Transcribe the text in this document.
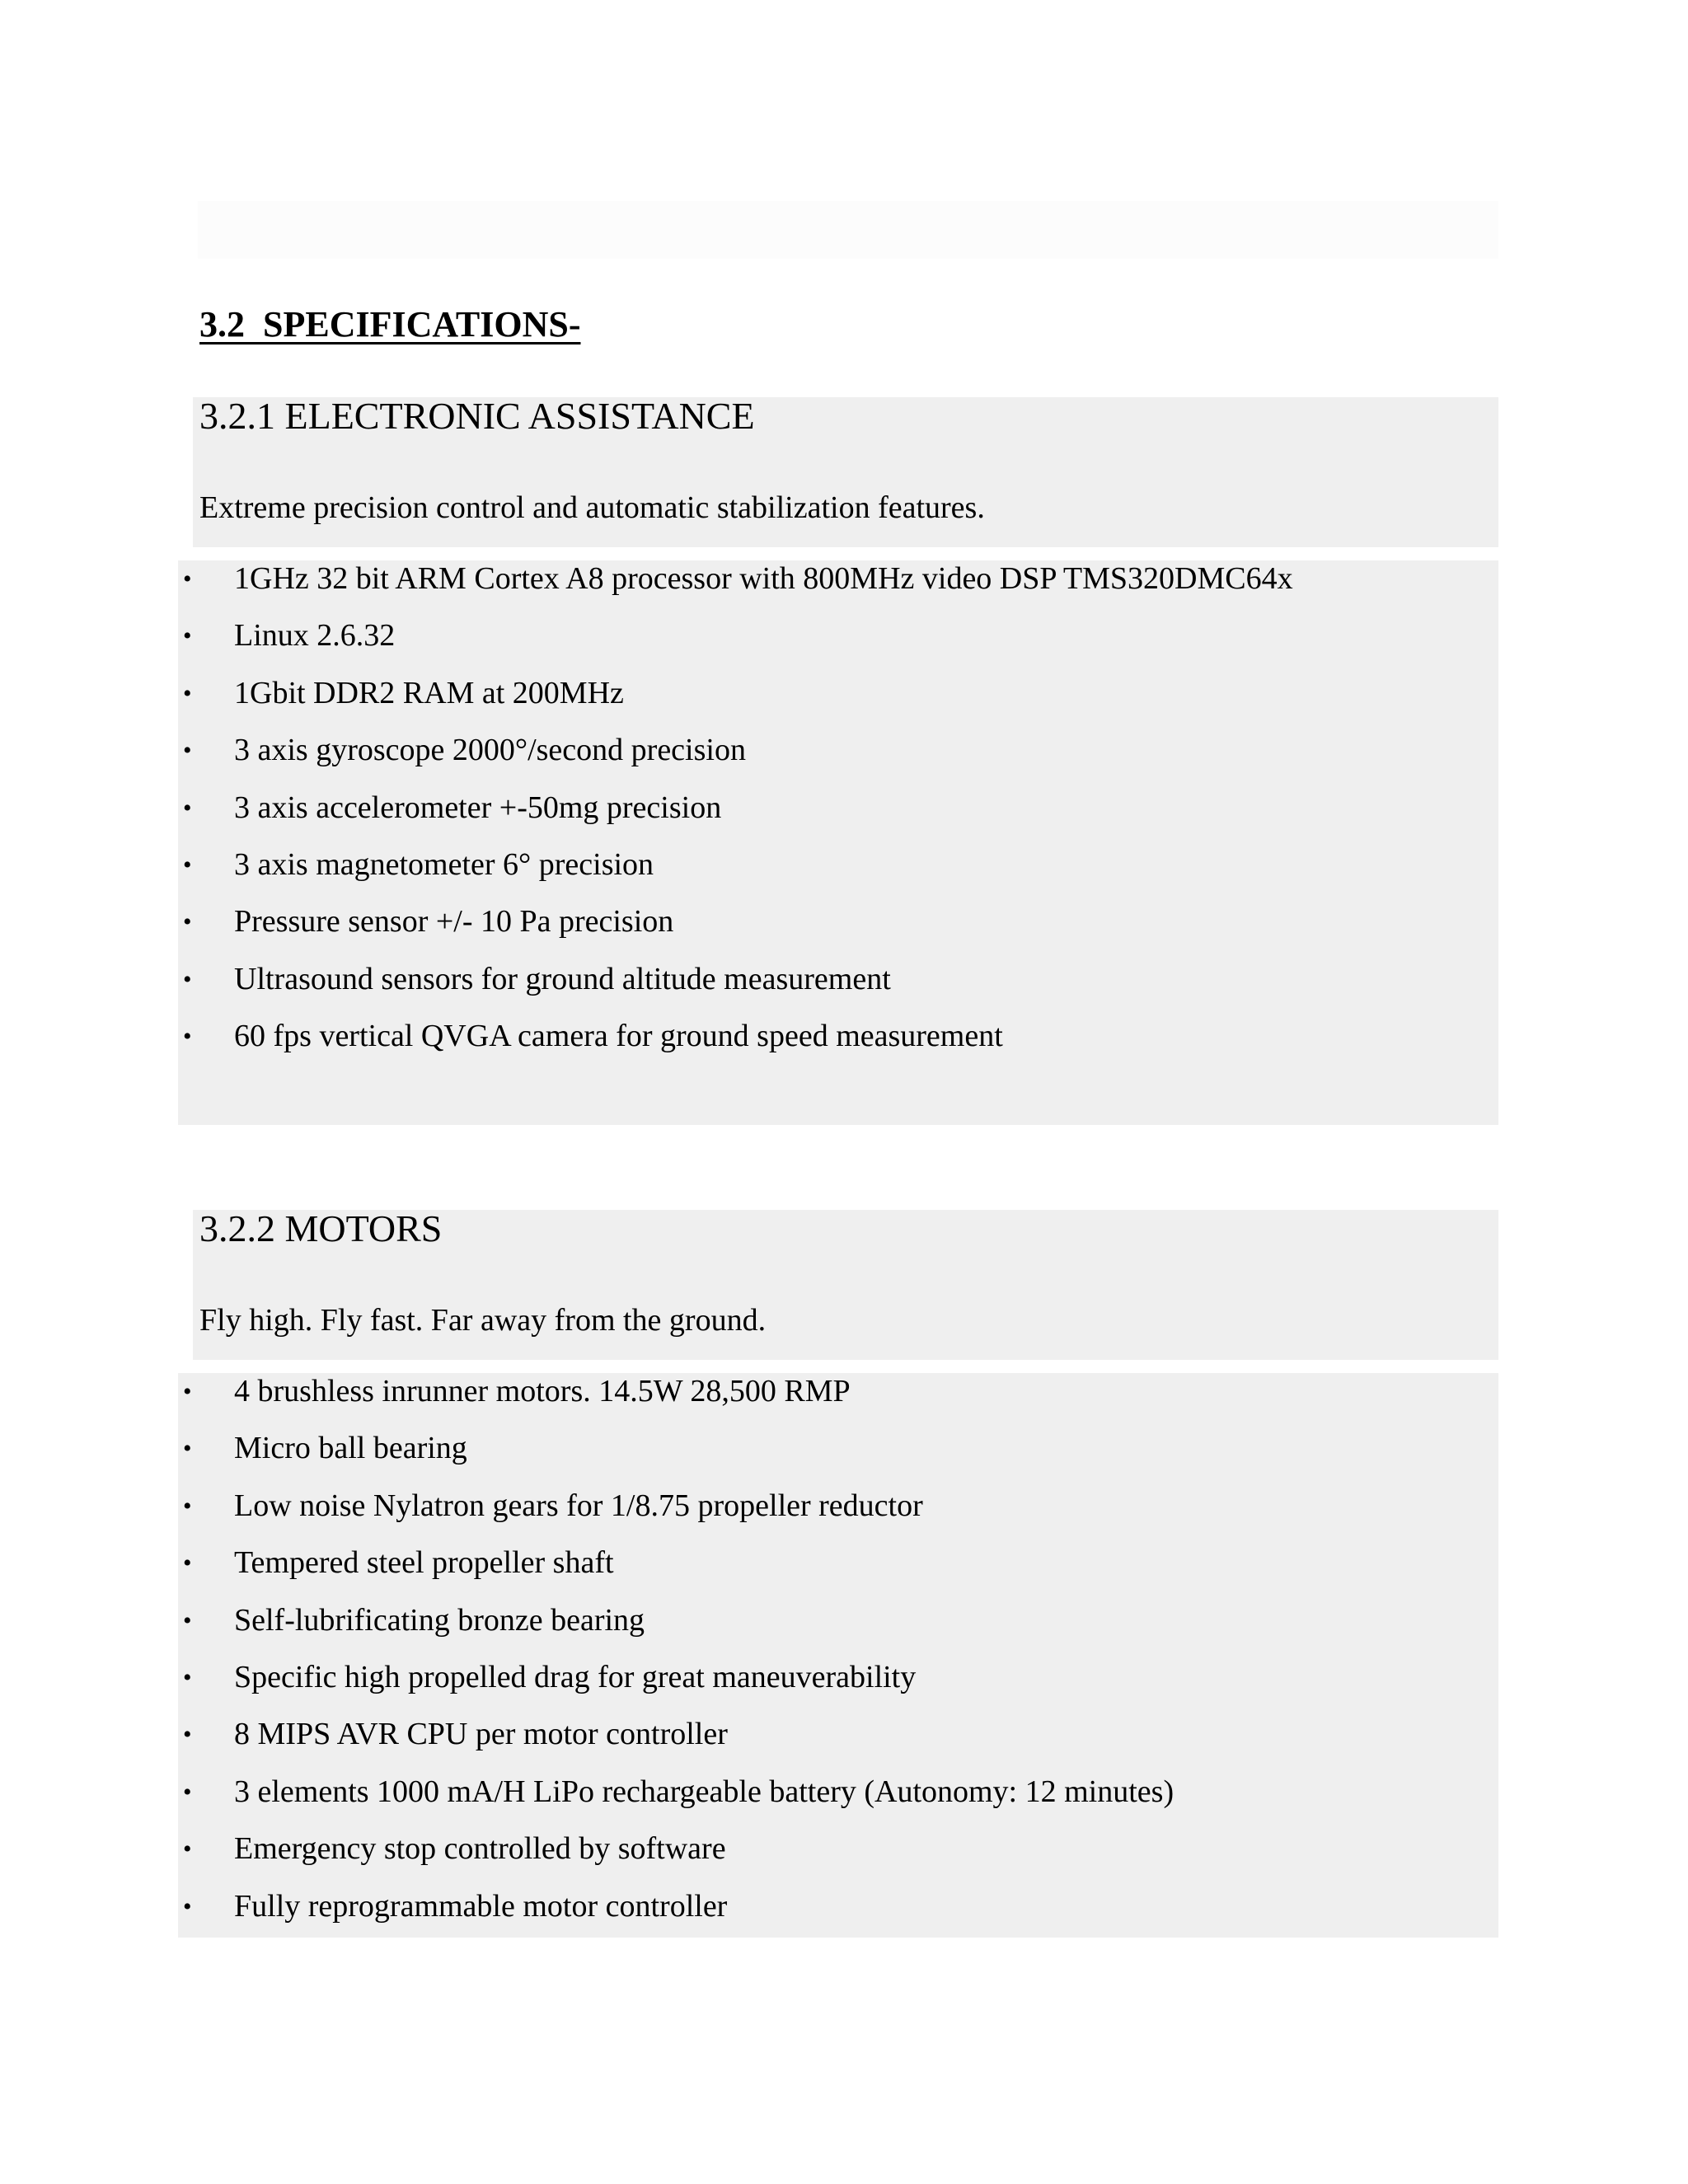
3.2  SPECIFICATIONS-
3.2.1 ELECTRONIC ASSISTANCE

Extreme precision control and automatic stabilization features.

• 1GHz 32 bit ARM Cortex A8 processor with 800MHz video DSP TMS320DMC64x
• Linux 2.6.32
• 1Gbit DDR2 RAM at 200MHz
• 3 axis gyroscope 2000°/second precision
• 3 axis accelerometer +-50mg precision
• 3 axis magnetometer 6° precision
• Pressure sensor +/- 10 Pa precision
• Ultrasound sensors for ground altitude measurement
• 60 fps vertical QVGA camera for ground speed measurement
3.2.2 MOTORS

Fly high. Fly fast. Far away from the ground.

• 4 brushless inrunner motors. 14.5W 28,500 RMP
• Micro ball bearing
• Low noise Nylatron gears for 1/8.75 propeller reductor
• Tempered steel propeller shaft
• Self-lubrificating bronze bearing
• Specific high propelled drag for great maneuverability
• 8 MIPS AVR CPU per motor controller
• 3 elements 1000 mA/H LiPo rechargeable battery (Autonomy: 12 minutes)
• Emergency stop controlled by software
• Fully reprogrammable motor controller
